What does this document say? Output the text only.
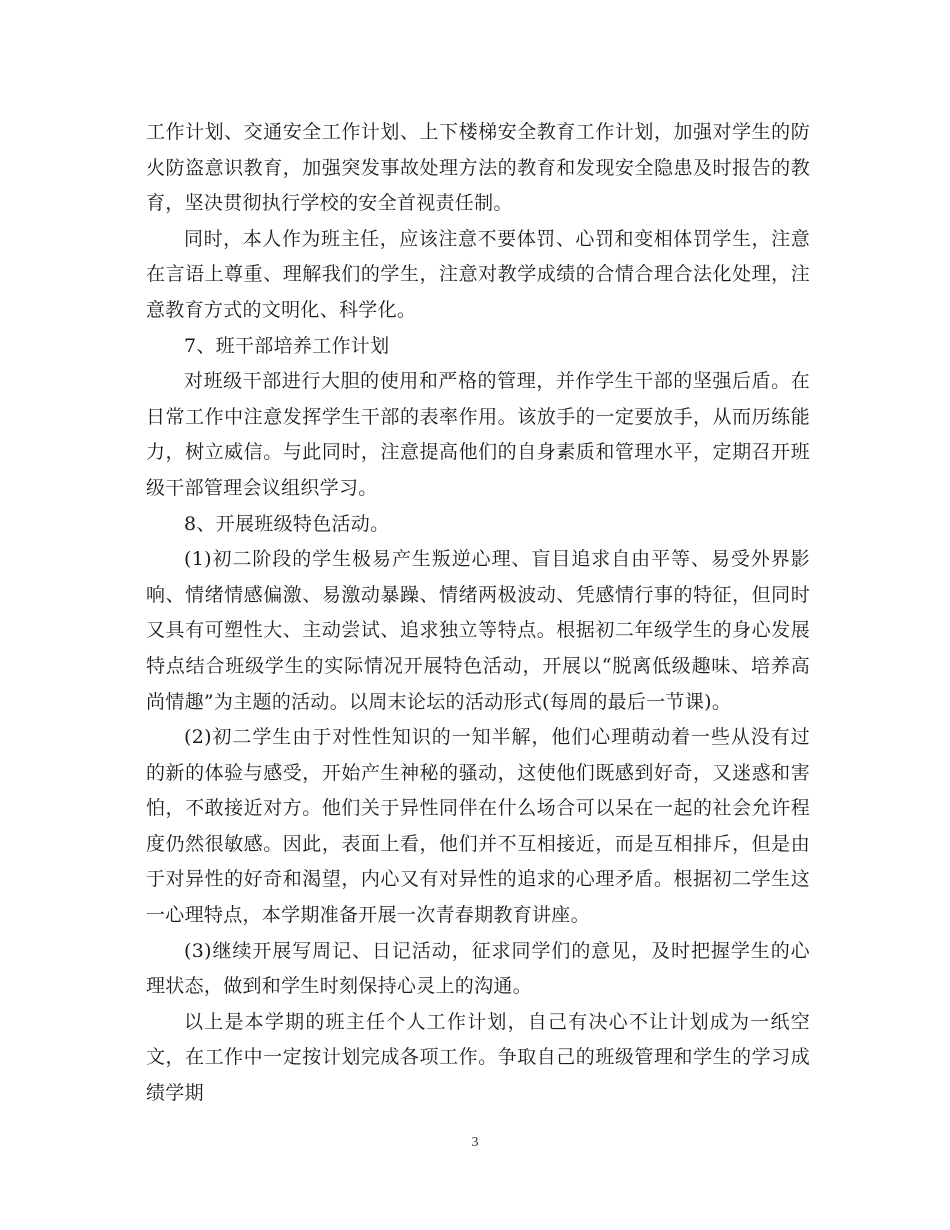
工作计划、交通安全工作计划、上下楼梯安全教育工作计划，加强对学生的防火防盗意识教育，加强突发事故处理方法的教育和发现安全隐患及时报告的教育，坚决贯彻执行学校的安全首视责任制。

同时，本人作为班主任，应该注意不要体罚、心罚和变相体罚学生，注意在言语上尊重、理解我们的学生，注意对教学成绩的合情合理合法化处理，注意教育方式的文明化、科学化。

7、班干部培养工作计划

对班级干部进行大胆的使用和严格的管理，并作学生干部的坚强后盾。在日常工作中注意发挥学生干部的表率作用。该放手的一定要放手，从而历练能力，树立威信。与此同时，注意提高他们的自身素质和管理水平，定期召开班级干部管理会议组织学习。

8、开展班级特色活动。

(1)初二阶段的学生极易产生叛逆心理、盲目追求自由平等、易受外界影响、情绪情感偏激、易激动暴躁、情绪两极波动、凭感情行事的特征，但同时又具有可塑性大、主动尝试、追求独立等特点。根据初二年级学生的身心发展特点结合班级学生的实际情况开展特色活动，开展以“脱离低级趣味、培养高尚情趣”为主题的活动。以周末论坛的活动形式(每周的最后一节课)。

(2)初二学生由于对性性知识的一知半解，他们心理萌动着一些从没有过的新的体验与感受，开始产生神秘的骚动，这使他们既感到好奇，又迷惑和害怕，不敢接近对方。他们关于异性同伴在什么场合可以呆在一起的社会允许程度仍然很敏感。因此，表面上看，他们并不互相接近，而是互相排斥，但是由于对异性的好奇和渴望，内心又有对异性的追求的心理矛盾。根据初二学生这一心理特点，本学期准备开展一次青春期教育讲座。

(3)继续开展写周记、日记活动，征求同学们的意见，及时把握学生的心理状态，做到和学生时刻保持心灵上的沟通。

以上是本学期的班主任个人工作计划，自己有决心不让计划成为一纸空文，在工作中一定按计划完成各项工作。争取自己的班级管理和学生的学习成绩学期

3
